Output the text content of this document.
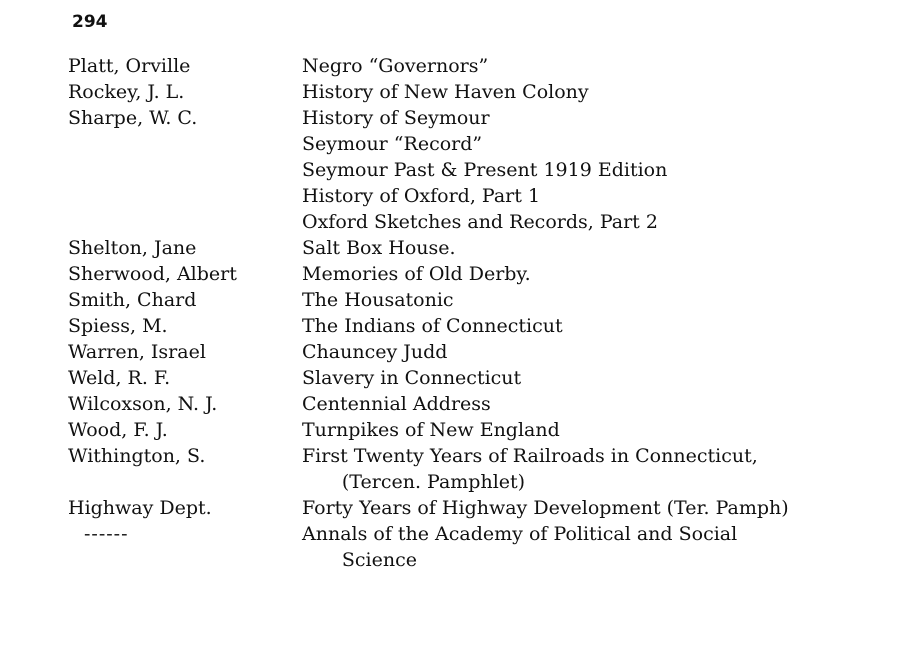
294
Platt, Orville	Negro “Governors”
Rockey, J. L.	History of New Haven Colony
Sharpe, W. C.	History of Seymour
Seymour “Record”
Seymour Past & Present 1919 Edition
History of Oxford, Part 1
Oxford Sketches and Records, Part 2
Shelton, Jane	Salt Box House.
Sherwood, Albert	Memories of Old Derby.
Smith, Chard	The Housatonic
Spiess, M.	The Indians of Connecticut
Warren, Israel	Chauncey Judd
Weld, R. F.	Slavery in Connecticut
Wilcoxson, N. J.	Centennial Address
Wood, F. J.	Turnpikes of New England
Withington, S.	First Twenty Years of Railroads in Connecticut, (Tercen. Pamphlet)
Highway Dept.	Forty Years of Highway Development (Ter. Pamph)
------	Annals of the Academy of Political and Social Science
